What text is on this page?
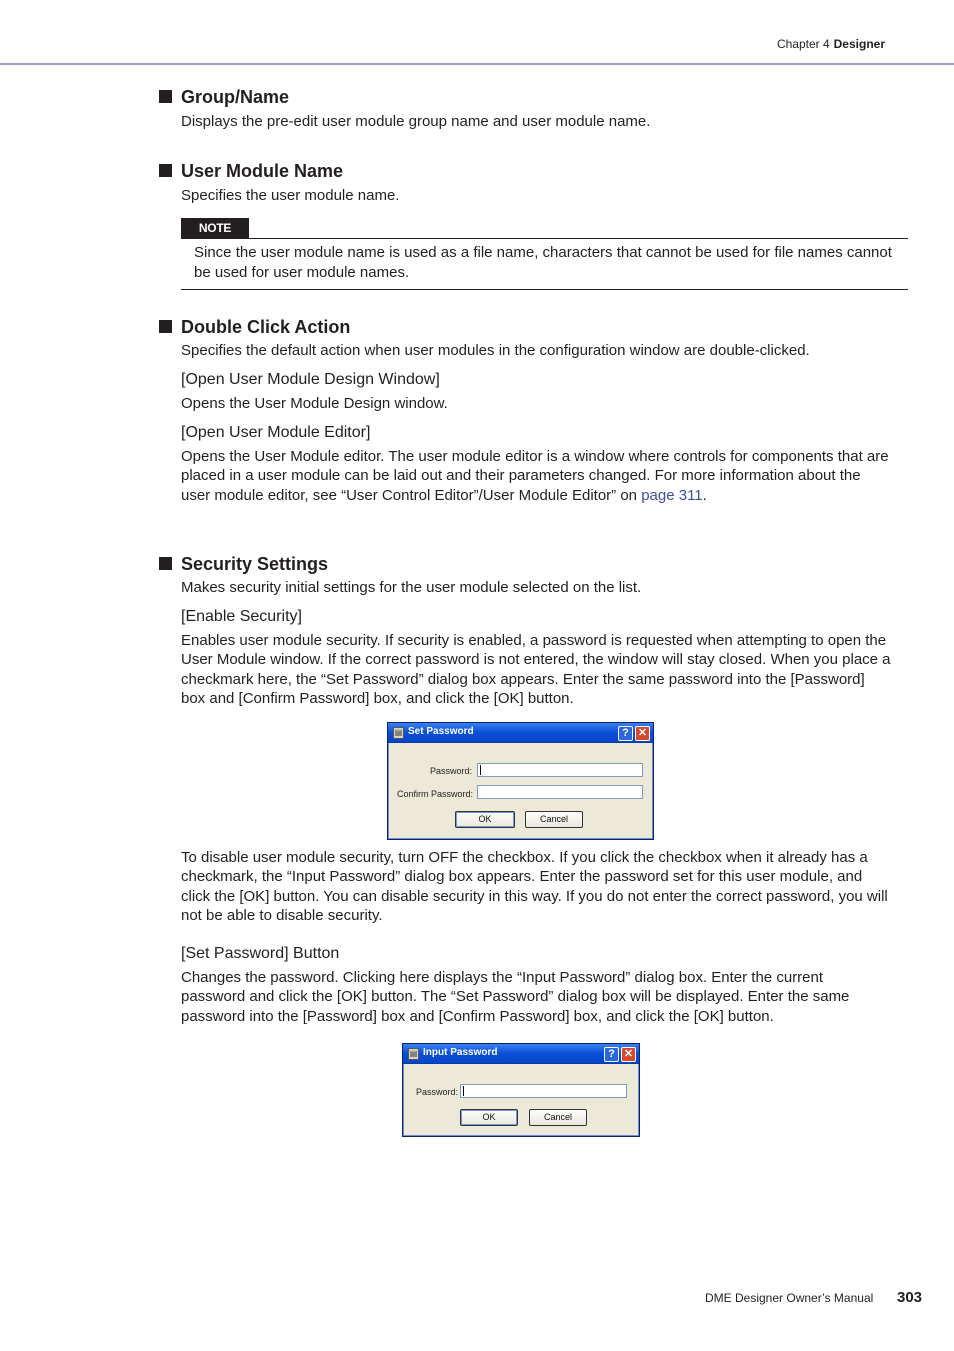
Chapter 4 Designer
Group/Name
Displays the pre-edit user module group name and user module name.
User Module Name
Specifies the user module name.
NOTE
Since the user module name is used as a file name, characters that cannot be used for file names cannot be used for user module names.
Double Click Action
Specifies the default action when user modules in the configuration window are double-clicked.
[Open User Module Design Window]
Opens the User Module Design window.
[Open User Module Editor]
Opens the User Module editor. The user module editor is a window where controls for components that are placed in a user module can be laid out and their parameters changed. For more information about the user module editor, see “User Control Editor”/User Module Editor” on page 311.
Security Settings
Makes security initial settings for the user module selected on the list.
[Enable Security]
Enables user module security. If security is enabled, a password is requested when attempting to open the User Module window. If the correct password is not entered, the window will stay closed. When you place a checkmark here, the “Set Password” dialog box appears. Enter the same password into the [Password] box and [Confirm Password] box, and click the [OK] button.
▤ Set Password	? ✕
Password:
Confirm Password:
OK	Cancel
To disable user module security, turn OFF the checkbox. If you click the checkbox when it already has a checkmark, the “Input Password” dialog box appears. Enter the password set for this user module, and click the [OK] button. You can disable security in this way. If you do not enter the correct password, you will not be able to disable security.
[Set Password] Button
Changes the password. Clicking here displays the “Input Password” dialog box. Enter the current password and click the [OK] button. The “Set Password” dialog box will be displayed. Enter the same password into the [Password] box and [Confirm Password] box, and click the [OK] button.
▤ Input Password	? ✕
Password:
OK	Cancel
DME Designer Owner’s Manual 303
